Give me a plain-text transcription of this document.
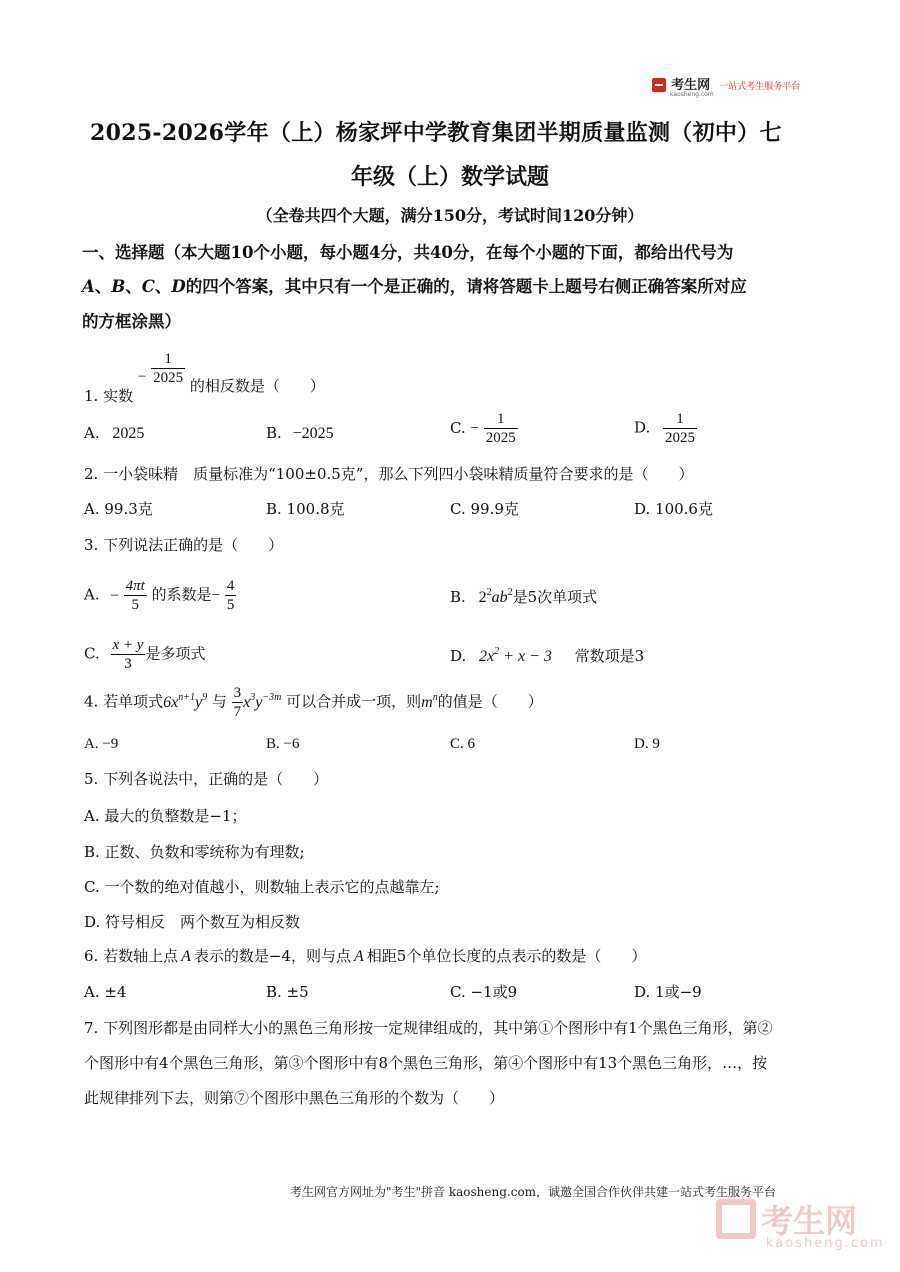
考生网 一站式考生服务平台
kaosheng.com
2025-2026学年（上）杨家坪中学教育集团半期质量监测（初中）七
年级（上）数学试题
（全卷共四个大题，满分150分，考试时间120分钟）
一、选择题（本大题10个小题，每小题4分，共40分，在每个小题的下面，都给出代号为
A、B、C、D的四个答案，其中只有一个是正确的，请将答题卡上题号右侧正确答案所对应
的方框涂黑）
1. 实数 − $\frac{1}{2025}$ 的相反数是（　　）
A. 2025	B. −2025	C. − $\frac{1}{2025}$	D. $\frac{1}{2025}$
2. 一小袋味精　质量标准为“100±0.5克”，那么下列四小袋味精质量符合要求的是（　　）
A. 99.3克	B. 100.8克	C. 99.9克	D. 100.6克
3. 下列说法正确的是（　　）
A. − $\frac{4\pi t}{5}$ 的系数是− $\frac{4}{5}$	B. $2^2ab^2$是5次单项式
C. $\frac{x + y}{3}$ 是多项式	D. $2x^2 + x - 3$ 常数项是3
4. 若单项式$6x^{n+1}y^9$ 与 $\frac{3}{7} x^3y^{-3m}$ 可以合并成一项，则$m^n$的值是（　　）
A. −9	B. −6	C. 6	D. 9
5. 下列各说法中，正确的是（　　）
A. 最大的负整数是−1；
B. 正数、负数和零统称为有理数;
C. 一个数的绝对值越小，则数轴上表示它的点越靠左;
D. 符号相反　两个数互为相反数
6. 若数轴上点 A 表示的数是−4，则与点 A 相距5个单位长度的点表示的数是（　　）
A. ±4	B. ±5	C. −1或9	D. 1或−9
7. 下列图形都是由同样大小的黑色三角形按一定规律组成的，其中第①个图形中有1个黑色三角形，第②
个图形中有4个黑色三角形，第③个图形中有8个黑色三角形，第④个图形中有13个黑色三角形，…，按
此规律排列下去，则第⑦个图形中黑色三角形的个数为（　　）
考生网官方网址为"考生"拼音 kaosheng.com，诚邀全国合作伙伴共建一站式考生服务平台
考生网
kaosheng.com
